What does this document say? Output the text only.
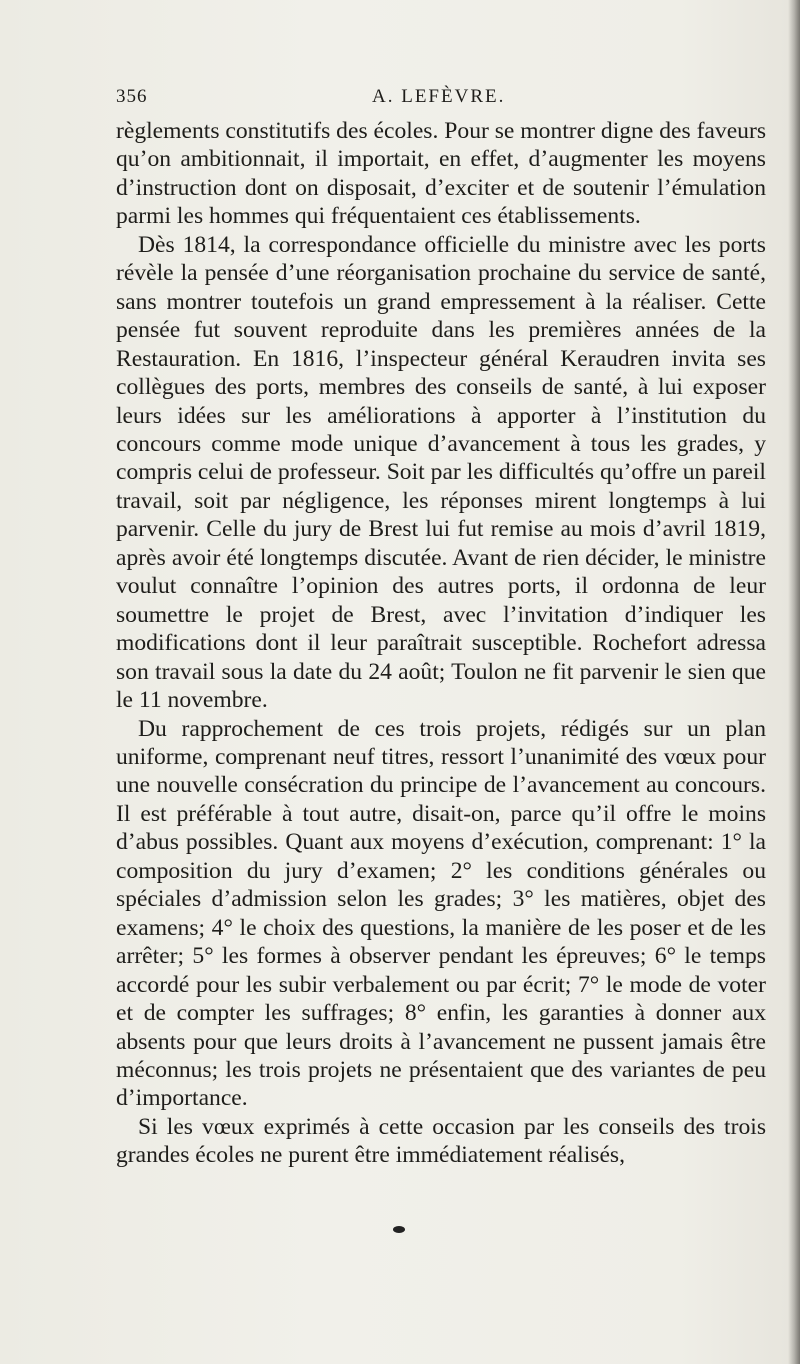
356	A. LEFÈVRE.

règlements constitutifs des écoles. Pour se montrer digne des faveurs qu’on ambitionnait, il importait, en effet, d’augmenter les moyens d’instruction dont on disposait, d’exciter et de soutenir l’émulation parmi les hommes qui fréquentaient ces établissements.

Dès 1814, la correspondance officielle du ministre avec les ports révèle la pensée d’une réorganisation prochaine du service de santé, sans montrer toutefois un grand empressement à la réaliser. Cette pensée fut souvent reproduite dans les premières années de la Restauration. En 1816, l’inspecteur général Keraudren invita ses collègues des ports, membres des conseils de santé, à lui exposer leurs idées sur les améliorations à apporter à l’institution du concours comme mode unique d’avancement à tous les grades, y compris celui de professeur. Soit par les difficultés qu’offre un pareil travail, soit par négligence, les réponses mirent longtemps à lui parvenir. Celle du jury de Brest lui fut remise au mois d’avril 1819, après avoir été longtemps discutée. Avant de rien décider, le ministre voulut connaître l’opinion des autres ports, il ordonna de leur soumettre le projet de Brest, avec l’invitation d’indiquer les modifications dont il leur paraîtrait susceptible. Rochefort adressa son travail sous la date du 24 août; Toulon ne fit parvenir le sien que le 11 novembre.

Du rapprochement de ces trois projets, rédigés sur un plan uniforme, comprenant neuf titres, ressort l’unanimité des vœux pour une nouvelle consécration du principe de l’avancement au concours. Il est préférable à tout autre, disait-on, parce qu’il offre le moins d’abus possibles. Quant aux moyens d’exécution, comprenant: 1° la composition du jury d’examen; 2° les conditions générales ou spéciales d’admission selon les grades; 3° les matières, objet des examens; 4° le choix des questions, la manière de les poser et de les arrêter; 5° les formes à observer pendant les épreuves; 6° le temps accordé pour les subir verbalement ou par écrit; 7° le mode de voter et de compter les suffrages; 8° enfin, les garanties à donner aux absents pour que leurs droits à l’avancement ne pussent jamais être méconnus; les trois projets ne présentaient que des variantes de peu d’importance.

Si les vœux exprimés à cette occasion par les conseils des trois grandes écoles ne purent être immédiatement réalisés,
